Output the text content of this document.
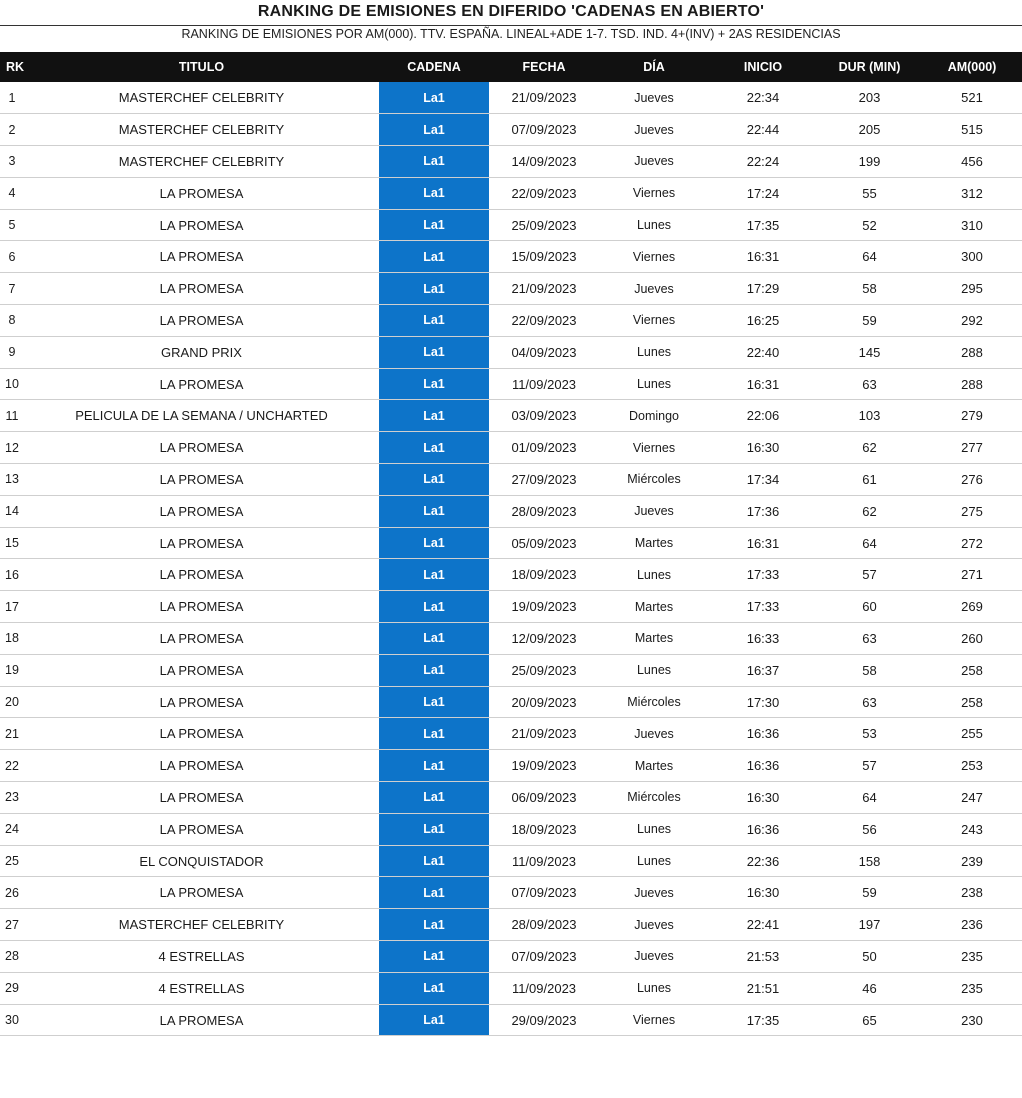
RANKING DE EMISIONES EN DIFERIDO 'CADENAS EN ABIERTO'
RANKING DE EMISIONES POR AM(000). TTV. ESPAÑA. LINEAL+ADE 1-7. TSD. IND. 4+(INV) + 2AS RESIDENCIAS
RK	TITULO	CADENA	FECHA	DÍA	INICIO	DUR (MIN)	AM(000)
1	MASTERCHEF CELEBRITY	La1	21/09/2023	Jueves	22:34	203	521
2	MASTERCHEF CELEBRITY	La1	07/09/2023	Jueves	22:44	205	515
3	MASTERCHEF CELEBRITY	La1	14/09/2023	Jueves	22:24	199	456
4	LA PROMESA	La1	22/09/2023	Viernes	17:24	55	312
5	LA PROMESA	La1	25/09/2023	Lunes	17:35	52	310
6	LA PROMESA	La1	15/09/2023	Viernes	16:31	64	300
7	LA PROMESA	La1	21/09/2023	Jueves	17:29	58	295
8	LA PROMESA	La1	22/09/2023	Viernes	16:25	59	292
9	GRAND PRIX	La1	04/09/2023	Lunes	22:40	145	288
10	LA PROMESA	La1	11/09/2023	Lunes	16:31	63	288
11	PELICULA DE LA SEMANA / UNCHARTED	La1	03/09/2023	Domingo	22:06	103	279
12	LA PROMESA	La1	01/09/2023	Viernes	16:30	62	277
13	LA PROMESA	La1	27/09/2023	Miércoles	17:34	61	276
14	LA PROMESA	La1	28/09/2023	Jueves	17:36	62	275
15	LA PROMESA	La1	05/09/2023	Martes	16:31	64	272
16	LA PROMESA	La1	18/09/2023	Lunes	17:33	57	271
17	LA PROMESA	La1	19/09/2023	Martes	17:33	60	269
18	LA PROMESA	La1	12/09/2023	Martes	16:33	63	260
19	LA PROMESA	La1	25/09/2023	Lunes	16:37	58	258
20	LA PROMESA	La1	20/09/2023	Miércoles	17:30	63	258
21	LA PROMESA	La1	21/09/2023	Jueves	16:36	53	255
22	LA PROMESA	La1	19/09/2023	Martes	16:36	57	253
23	LA PROMESA	La1	06/09/2023	Miércoles	16:30	64	247
24	LA PROMESA	La1	18/09/2023	Lunes	16:36	56	243
25	EL CONQUISTADOR	La1	11/09/2023	Lunes	22:36	158	239
26	LA PROMESA	La1	07/09/2023	Jueves	16:30	59	238
27	MASTERCHEF CELEBRITY	La1	28/09/2023	Jueves	22:41	197	236
28	4 ESTRELLAS	La1	07/09/2023	Jueves	21:53	50	235
29	4 ESTRELLAS	La1	11/09/2023	Lunes	21:51	46	235
30	LA PROMESA	La1	29/09/2023	Viernes	17:35	65	230
